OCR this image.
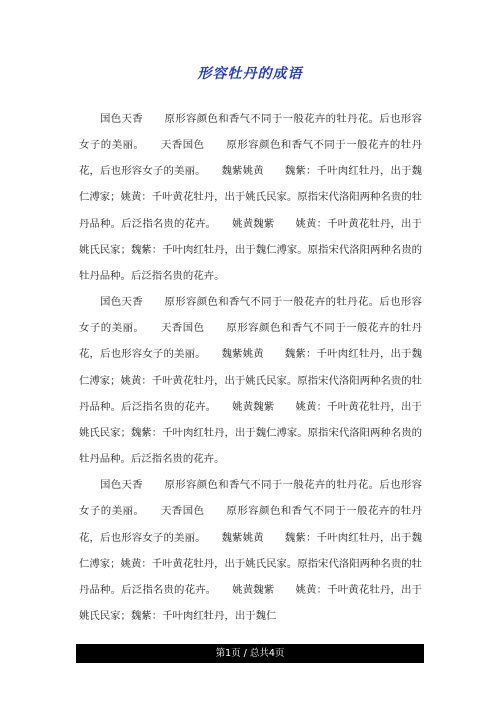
形容牡丹的成语

国色天香　　原形容颜色和香气不同于一般花卉的牡丹花。后也形容女子的美丽。　　天香国色　　原形容颜色和香气不同于一般花卉的牡丹花，后也形容女子的美丽。　　魏紫姚黄　　魏紫：千叶肉红牡丹，出于魏仁溥家；姚黄：千叶黄花牡丹，出于姚氏民家。原指宋代洛阳两种名贵的牡丹品种。后泛指名贵的花卉。　　姚黄魏紫　　姚黄：千叶黄花牡丹，出于姚氏民家；魏紫：千叶肉红牡丹，出于魏仁溥家。原指宋代洛阳两种名贵的牡丹品种。后泛指名贵的花卉。

国色天香　　原形容颜色和香气不同于一般花卉的牡丹花。后也形容女子的美丽。　　天香国色　　原形容颜色和香气不同于一般花卉的牡丹花，后也形容女子的美丽。　　魏紫姚黄　　魏紫：千叶肉红牡丹，出于魏仁溥家；姚黄：千叶黄花牡丹，出于姚氏民家。原指宋代洛阳两种名贵的牡丹品种。后泛指名贵的花卉。　　姚黄魏紫　　姚黄：千叶黄花牡丹，出于姚氏民家；魏紫：千叶肉红牡丹，出于魏仁溥家。原指宋代洛阳两种名贵的牡丹品种。后泛指名贵的花卉。

国色天香　　原形容颜色和香气不同于一般花卉的牡丹花。后也形容女子的美丽。　　天香国色　　原形容颜色和香气不同于一般花卉的牡丹花，后也形容女子的美丽。　　魏紫姚黄　　魏紫：千叶肉红牡丹，出于魏仁溥家；姚黄：千叶黄花牡丹，出于姚氏民家。原指宋代洛阳两种名贵的牡丹品种。后泛指名贵的花卉。　　姚黄魏紫　　姚黄：千叶黄花牡丹，出于姚氏民家；魏紫：千叶肉红牡丹，出于魏仁

第1页 / 总共4页
